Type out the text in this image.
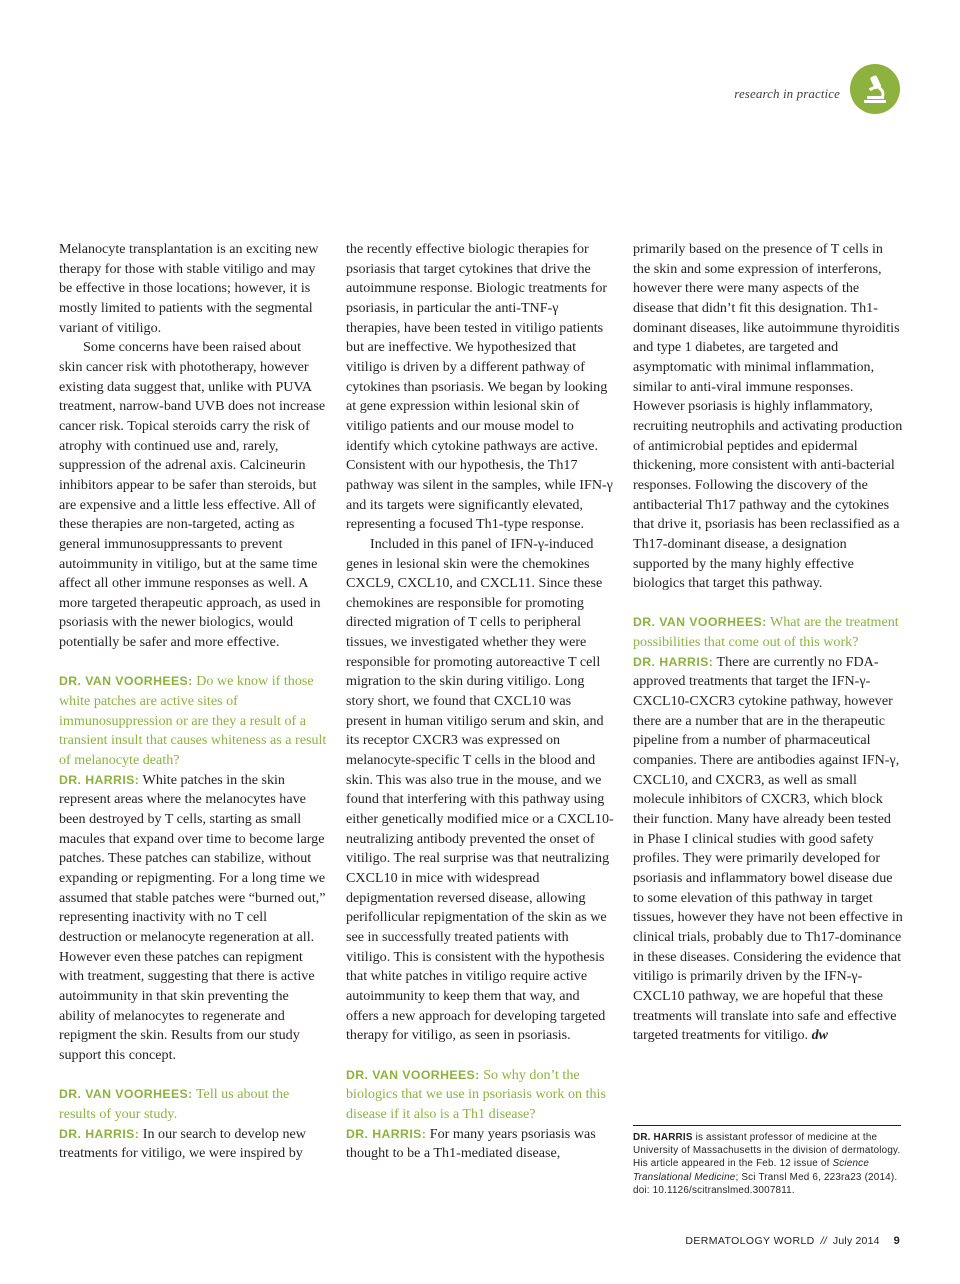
research in practice

Melanocyte transplantation is an exciting new therapy for those with stable vitiligo and may be effective in those locations; however, it is mostly limited to patients with the segmental variant of vitiligo.

Some concerns have been raised about skin cancer risk with phototherapy, however existing data suggest that, unlike with PUVA treatment, narrow-band UVB does not increase cancer risk. Topical steroids carry the risk of atrophy with continued use and, rarely, suppression of the adrenal axis. Calcineurin inhibitors appear to be safer than steroids, but are expensive and a little less effective. All of these therapies are non-targeted, acting as general immunosuppressants to prevent autoimmunity in vitiligo, but at the same time affect all other immune responses as well. A more targeted therapeutic approach, as used in psoriasis with the newer biologics, would potentially be safer and more effective.

DR. VAN VOORHEES: Do we know if those white patches are active sites of immunosuppression or are they a result of a transient insult that causes whiteness as a result of melanocyte death?

DR. HARRIS: White patches in the skin represent areas where the melanocytes have been destroyed by T cells, starting as small macules that expand over time to become large patches. These patches can stabilize, without expanding or repigmenting. For a long time we assumed that stable patches were “burned out,” representing inactivity with no T cell destruction or melanocyte regeneration at all. However even these patches can repigment with treatment, suggesting that there is active autoimmunity in that skin preventing the ability of melanocytes to regenerate and repigment the skin. Results from our study support this concept.

DR. VAN VOORHEES: Tell us about the results of your study.

DR. HARRIS: In our search to develop new treatments for vitiligo, we were inspired by

the recently effective biologic therapies for psoriasis that target cytokines that drive the autoimmune response. Biologic treatments for psoriasis, in particular the anti-TNF-γ therapies, have been tested in vitiligo patients but are ineffective. We hypothesized that vitiligo is driven by a different pathway of cytokines than psoriasis. We began by looking at gene expression within lesional skin of vitiligo patients and our mouse model to identify which cytokine pathways are active. Consistent with our hypothesis, the Th17 pathway was silent in the samples, while IFN-γ and its targets were significantly elevated, representing a focused Th1-type response.

Included in this panel of IFN-γ-induced genes in lesional skin were the chemokines CXCL9, CXCL10, and CXCL11. Since these chemokines are responsible for promoting directed migration of T cells to peripheral tissues, we investigated whether they were responsible for promoting autoreactive T cell migration to the skin during vitiligo. Long story short, we found that CXCL10 was present in human vitiligo serum and skin, and its receptor CXCR3 was expressed on melanocyte-specific T cells in the blood and skin. This was also true in the mouse, and we found that interfering with this pathway using either genetically modified mice or a CXCL10-neutralizing antibody prevented the onset of vitiligo. The real surprise was that neutralizing CXCL10 in mice with widespread depigmentation reversed disease, allowing perifollicular repigmentation of the skin as we see in successfully treated patients with vitiligo. This is consistent with the hypothesis that white patches in vitiligo require active autoimmunity to keep them that way, and offers a new approach for developing targeted therapy for vitiligo, as seen in psoriasis.

DR. VAN VOORHEES: So why don’t the biologics that we use in psoriasis work on this disease if it also is a Th1 disease?

DR. HARRIS: For many years psoriasis was thought to be a Th1-mediated disease,

primarily based on the presence of T cells in the skin and some expression of interferons, however there were many aspects of the disease that didn’t fit this designation. Th1-dominant diseases, like autoimmune thyroiditis and type 1 diabetes, are targeted and asymptomatic with minimal inflammation, similar to anti-viral immune responses. However psoriasis is highly inflammatory, recruiting neutrophils and activating production of antimicrobial peptides and epidermal thickening, more consistent with anti-bacterial responses. Following the discovery of the antibacterial Th17 pathway and the cytokines that drive it, psoriasis has been reclassified as a Th17-dominant disease, a designation supported by the many highly effective biologics that target this pathway.

DR. VAN VOORHEES: What are the treatment possibilities that come out of this work?

DR. HARRIS: There are currently no FDA-approved treatments that target the IFN-γ-CXCL10-CXCR3 cytokine pathway, however there are a number that are in the therapeutic pipeline from a number of pharmaceutical companies. There are antibodies against IFN-γ, CXCL10, and CXCR3, as well as small molecule inhibitors of CXCR3, which block their function. Many have already been tested in Phase I clinical studies with good safety profiles. They were primarily developed for psoriasis and inflammatory bowel disease due to some elevation of this pathway in target tissues, however they have not been effective in clinical trials, probably due to Th17-dominance in these diseases. Considering the evidence that vitiligo is primarily driven by the IFN-γ-CXCL10 pathway, we are hopeful that these treatments will translate into safe and effective targeted treatments for vitiligo. dw

DR. HARRIS is assistant professor of medicine at the University of Massachusetts in the division of dermatology. His article appeared in the Feb. 12 issue of Science Translational Medicine; Sci Transl Med 6, 223ra23 (2014). doi: 10.1126/scitranslmed.3007811.
DERMATOLOGY WORLD // July 2014 9
